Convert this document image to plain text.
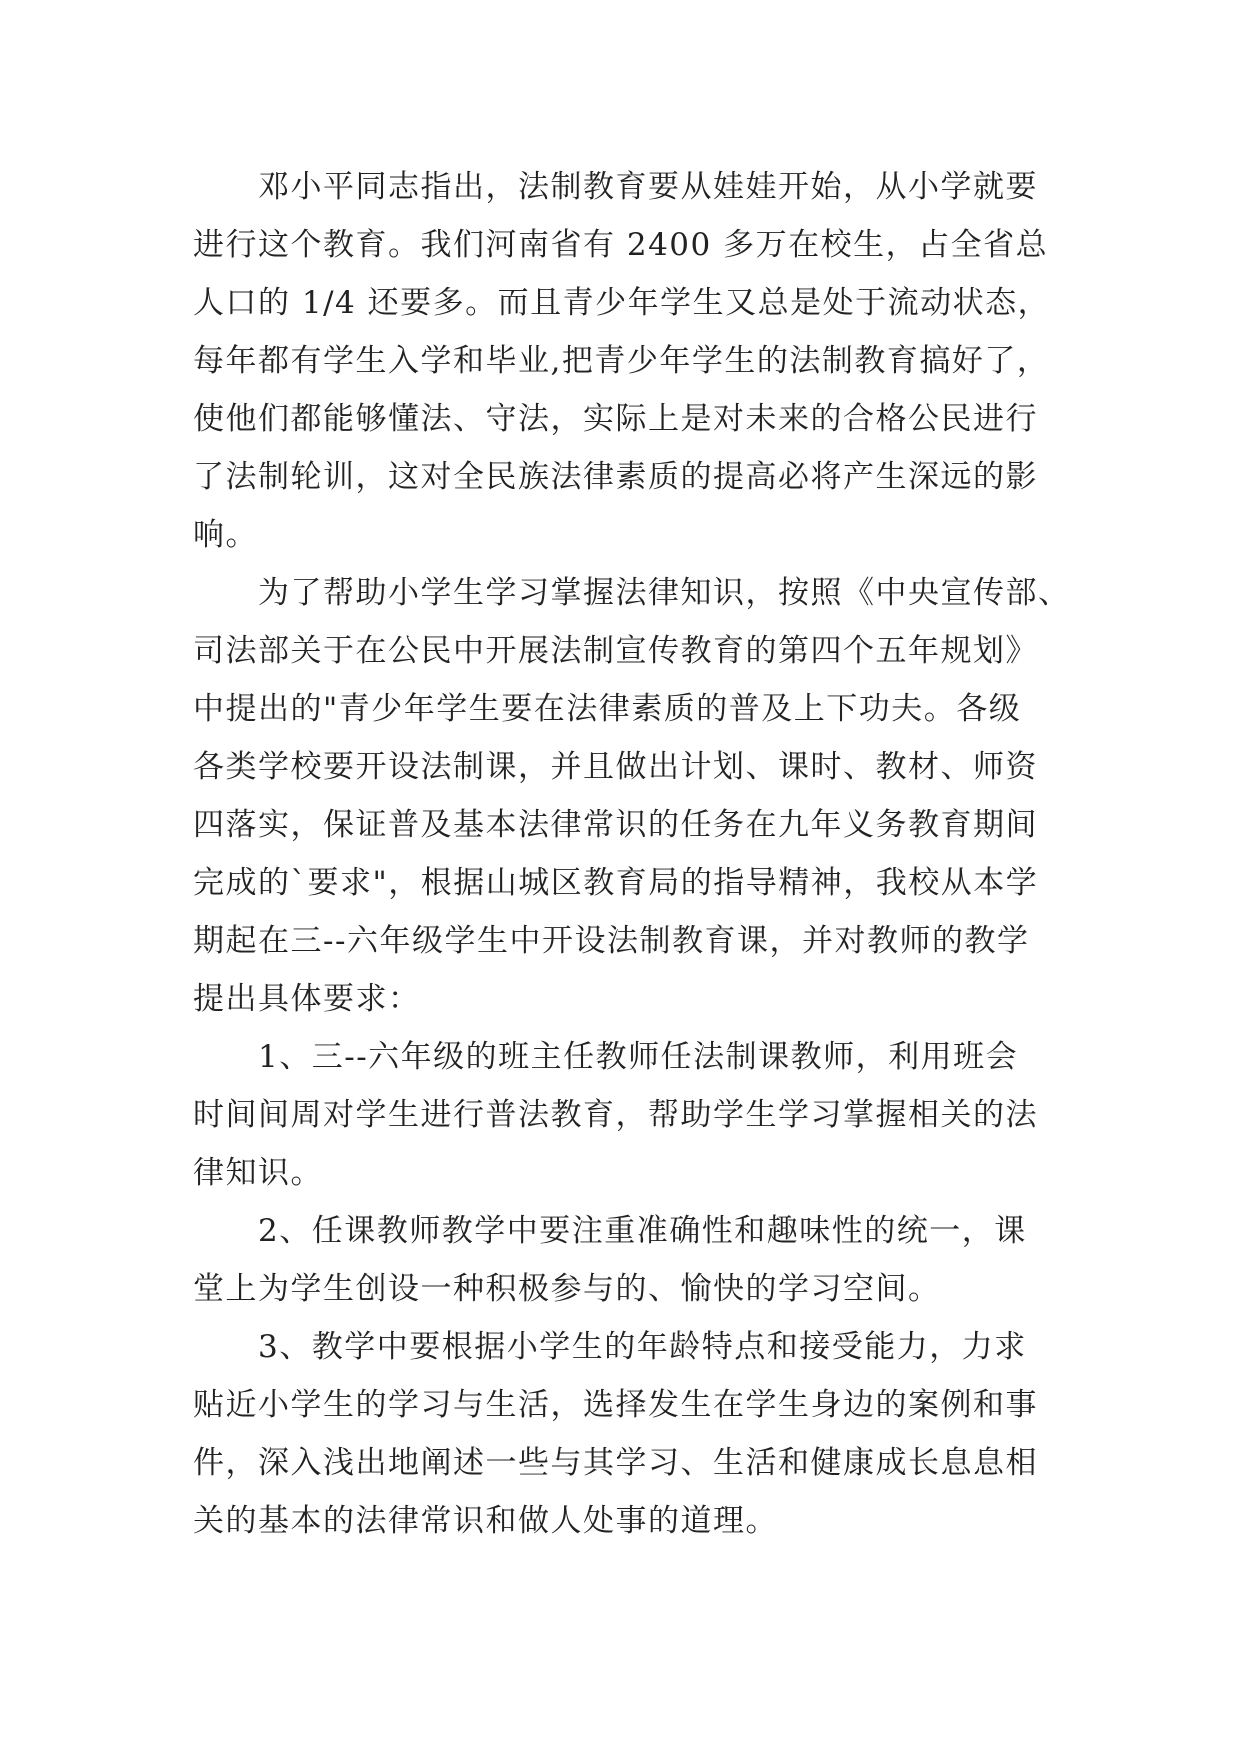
　　邓小平同志指出，法制教育要从娃娃开始，从小学就要
进行这个教育。我们河南省有 2400 多万在校生，占全省总
人口的 1/4 还要多。而且青少年学生又总是处于流动状态，
每年都有学生入学和毕业,把青少年学生的法制教育搞好了，
使他们都能够懂法、守法，实际上是对未来的合格公民进行
了法制轮训，这对全民族法律素质的提高必将产生深远的影
响。
　　为了帮助小学生学习掌握法律知识，按照《中央宣传部、
司法部关于在公民中开展法制宣传教育的第四个五年规划》
中提出的"青少年学生要在法律素质的普及上下功夫。各级
各类学校要开设法制课，并且做出计划、课时、教材、师资
四落实，保证普及基本法律常识的任务在九年义务教育期间
完成的`要求"，根据山城区教育局的指导精神，我校从本学
期起在三--六年级学生中开设法制教育课，并对教师的教学
提出具体要求：
　　1、三--六年级的班主任教师任法制课教师，利用班会
时间间周对学生进行普法教育，帮助学生学习掌握相关的法
律知识。
　　2、任课教师教学中要注重准确性和趣味性的统一，课
堂上为学生创设一种积极参与的、愉快的学习空间。
　　3、教学中要根据小学生的年龄特点和接受能力，力求
贴近小学生的学习与生活，选择发生在学生身边的案例和事
件，深入浅出地阐述一些与其学习、生活和健康成长息息相
关的基本的法律常识和做人处事的道理。
